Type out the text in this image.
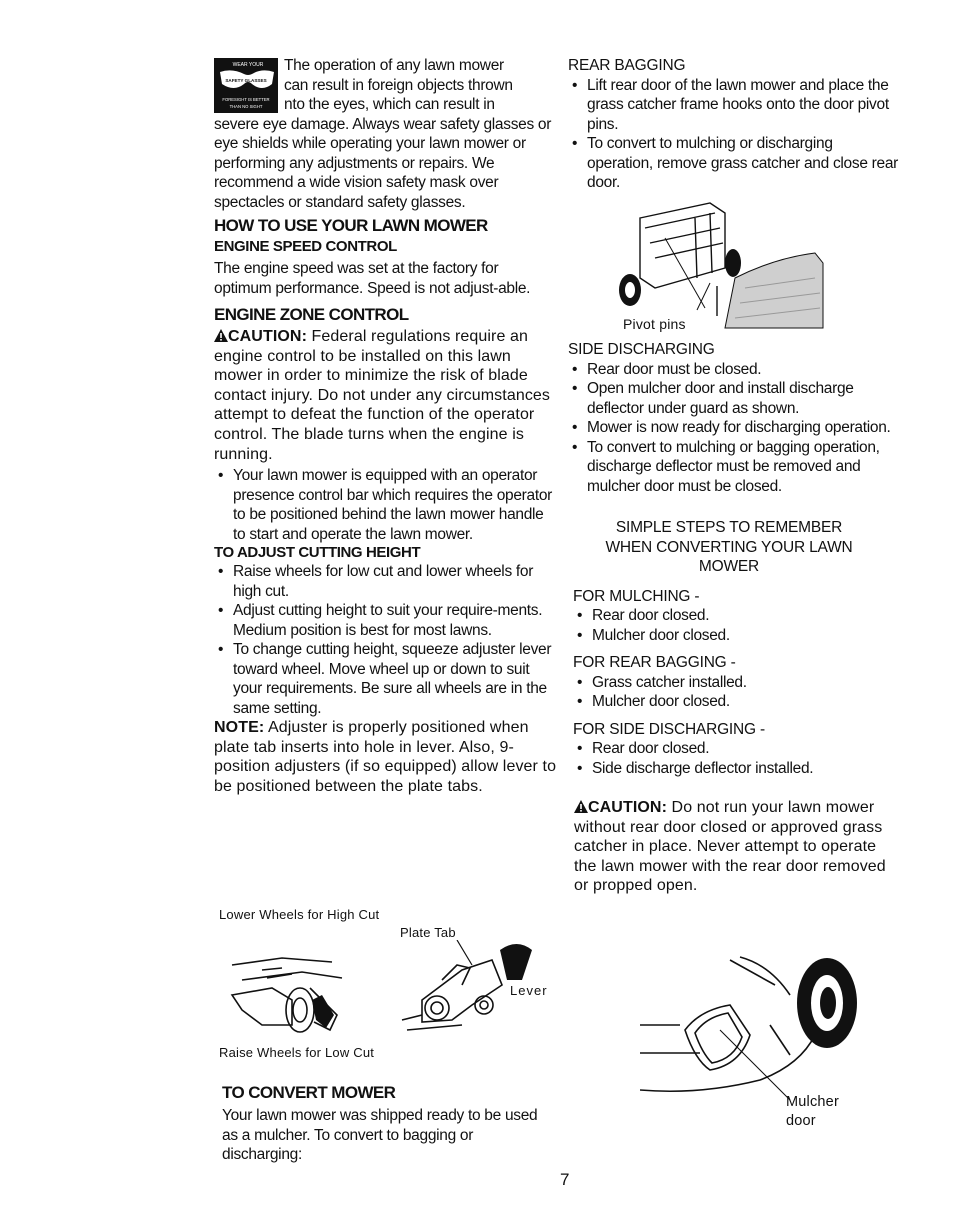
WEAR YOUR
SAFETY GLASSES
FORESIGHT IS BETTER
THAN NO SIGHT
The operation of any lawn mower
can result in foreign objects thrown
nto the eyes, which can result in

severe eye damage. Always wear safety glasses or eye shields while operating your lawn mower or performing any adjustments or repairs. We recommend a wide vision safety mask over spectacles or standard safety glasses.

HOW TO USE YOUR LAWN MOWER
ENGINE SPEED CONTROL

The engine speed was set at the factory for optimum performance. Speed is not adjust-able.

ENGINE ZONE CONTROL

CAUTION: Federal regulations require an engine control to be installed on this lawn mower in order to minimize the risk of blade contact injury. Do not under any circumstances attempt to defeat the function of the operator control. The blade turns when the engine is running.

• Your lawn mower is equipped with an operator presence control bar which requires the operator to be positioned behind the lawn mower handle to start and operate the lawn mower.
TO ADJUST CUTTING HEIGHT
• Raise wheels for low cut and lower wheels for high cut.
• Adjust cutting height to suit your require-ments. Medium position is best for most lawns.
• To change cutting height, squeeze adjuster lever toward wheel. Move wheel up or down to suit your requirements. Be sure all wheels are in the same setting.

NOTE: Adjuster is properly positioned when plate tab inserts into hole in lever. Also, 9-position adjusters (if so equipped) allow lever to be positioned between the plate tabs.

Lower Wheels for High Cut
Plate Tab
Lever
Raise Wheels for Low Cut
TO CONVERT MOWER

Your lawn mower was shipped ready to be used as a mulcher. To convert to bagging or discharging:

REAR BAGGING
• Lift rear door of the lawn mower and place the grass catcher frame hooks onto the door pivot pins.
• To convert to mulching or discharging operation, remove grass catcher and close rear door.
Pivot pins
SIDE DISCHARGING
• Rear door must be closed.
• Open mulcher door and install discharge deflector under guard as shown.
• Mower is now ready for discharging operation.
• To convert to mulching or bagging operation, discharge deflector must be removed and mulcher door must be closed.
SIMPLE STEPS TO REMEMBER
WHEN CONVERTING YOUR LAWN
MOWER
FOR MULCHING -
• Rear door closed.
• Mulcher door closed.
FOR REAR BAGGING -
• Grass catcher installed.
• Mulcher door closed.
FOR SIDE DISCHARGING -
• Rear door closed.
• Side discharge deflector installed.

CAUTION: Do not run your lawn mower without rear door closed or approved grass catcher in place. Never attempt to operate the lawn mower with the rear door removed or propped open.

Mulcher
door
7
